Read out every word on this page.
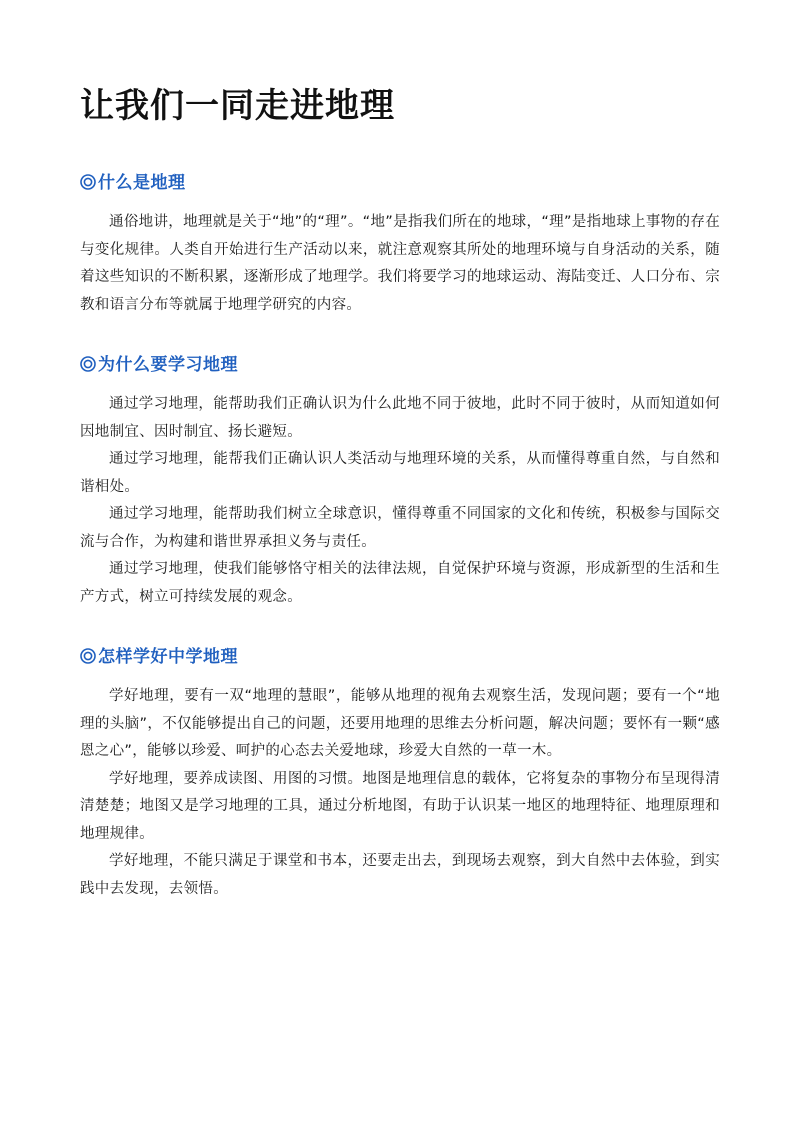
让我们一同走进地理
什么是地理

通俗地讲，地理就是关于“地”的“理”。“地”是指我们所在的地球，“理”是指地球上事物的存在与变化规律。人类自开始进行生产活动以来，就注意观察其所处的地理环境与自身活动的关系，随着这些知识的不断积累，逐渐形成了地理学。我们将要学习的地球运动、海陆变迁、人口分布、宗教和语言分布等就属于地理学研究的内容。

为什么要学习地理

通过学习地理，能帮助我们正确认识为什么此地不同于彼地，此时不同于彼时，从而知道如何因地制宜、因时制宜、扬长避短。

通过学习地理，能帮我们正确认识人类活动与地理环境的关系，从而懂得尊重自然，与自然和谐相处。

通过学习地理，能帮助我们树立全球意识，懂得尊重不同国家的文化和传统，积极参与国际交流与合作，为构建和谐世界承担义务与责任。

通过学习地理，使我们能够恪守相关的法律法规，自觉保护环境与资源，形成新型的生活和生产方式，树立可持续发展的观念。

怎样学好中学地理

学好地理，要有一双“地理的慧眼”，能够从地理的视角去观察生活，发现问题；要有一个“地理的头脑”，不仅能够提出自己的问题，还要用地理的思维去分析问题，解决问题；要怀有一颗“感恩之心”，能够以珍爱、呵护的心态去关爱地球，珍爱大自然的一草一木。

学好地理，要养成读图、用图的习惯。地图是地理信息的载体，它将复杂的事物分布呈现得清清楚楚；地图又是学习地理的工具，通过分析地图，有助于认识某一地区的地理特征、地理原理和地理规律。

学好地理，不能只满足于课堂和书本，还要走出去，到现场去观察，到大自然中去体验，到实践中去发现，去领悟。
